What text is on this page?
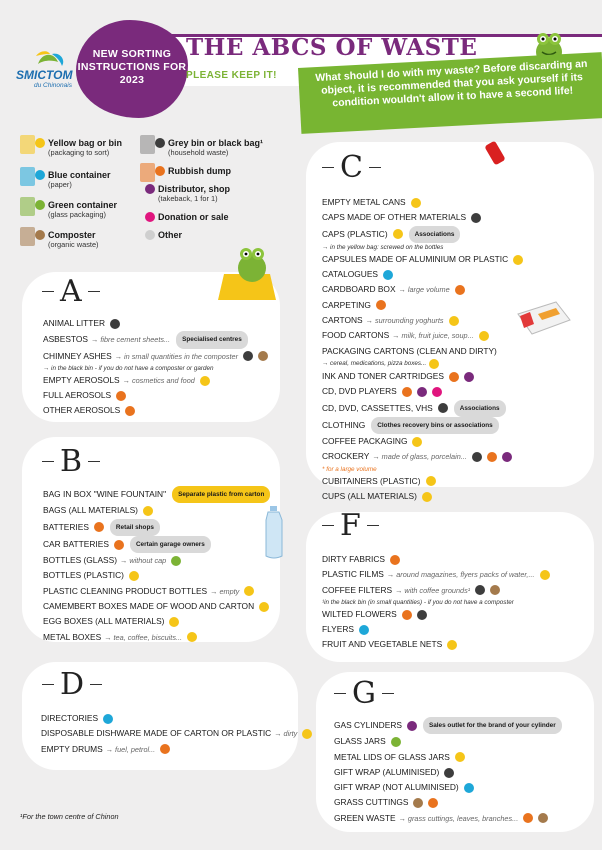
SMICTOM
du Chinonais
NEW SORTING INSTRUCTIONS FOR 2023
THE ABCS OF WASTE
PLEASE KEEP IT!	What should I do with my waste? Before discarding an object, it is recommended that you ask yourself if its condition wouldn't allow it to have a second life!
Yellow bag or bin
(packaging to sort)
Blue container
(paper)
Green container
(glass packaging)
Composter
(organic waste)
Grey bin or black bag¹
(household waste)
Rubbish dump
Distributor, shop
(takeback, 1 for 1)
Donation or sale
Other
A
ANIMAL LITTER
ASBESTOS → fibre cement sheets...	Specialised centres
CHIMNEY ASHES → in small quantities in the composter
→ in the black bin - if you do not have a composter or garden
EMPTY AEROSOLS → cosmetics and food
FULL AEROSOLS
OTHER AEROSOLS
B
BAG IN BOX "WINE FOUNTAIN"	Separate plastic from carton
BAGS (ALL MATERIALS)
BATTERIES	Retail shops
CAR BATTERIES	Certain garage owners
BOTTLES (GLASS) → without cap
BOTTLES (PLASTIC)
PLASTIC CLEANING PRODUCT BOTTLES → empty
CAMEMBERT BOXES MADE OF WOOD AND CARTON
EGG BOXES (ALL MATERIALS)
METAL BOXES → tea, coffee, biscuits...
C
EMPTY METAL CANS
CAPS MADE OF OTHER MATERIALS
CAPS (PLASTIC)	Associations
→ in the yellow bag: screwed on the bottles
CAPSULES MADE OF ALUMINIUM OR PLASTIC
CATALOGUES
CARDBOARD BOX → large volume
CARPETING
CARTONS → surrounding yoghurts
FOOD CARTONS → milk, fruit juice, soup...
PACKAGING CARTONS (CLEAN AND DIRTY)
→ cereal, medications, pizza boxes...
INK AND TONER CARTRIDGES
CD, DVD PLAYERS
CD, DVD, CASSETTES, VHS	Associations
CLOTHING	Clothes recovery bins or associations
COFFEE PACKAGING
CROCKERY → made of glass, porcelain...
* for a large volume
CUBITAINERS (PLASTIC)
CUPS (ALL MATERIALS)
D
DIRECTORIES
DISPOSABLE DISHWARE MADE OF CARTON OR PLASTIC → dirty
EMPTY DRUMS → fuel, petrol...
F
DIRTY FABRICS
PLASTIC FILMS → around magazines, flyers packs of water,...
COFFEE FILTERS → with coffee grounds¹
¹in the black bin (in small quantities) - if you do not have a composter
WILTED FLOWERS
FLYERS
FRUIT AND VEGETABLE NETS
G
GAS CYLINDERS	Sales outlet for the brand of your cylinder
GLASS JARS
METAL LIDS OF GLASS JARS
GIFT WRAP (ALUMINISED)
GIFT WRAP (NOT ALUMINISED)
GRASS CUTTINGS
GREEN WASTE → grass cuttings, leaves, branches...
¹For the town centre of Chinon
